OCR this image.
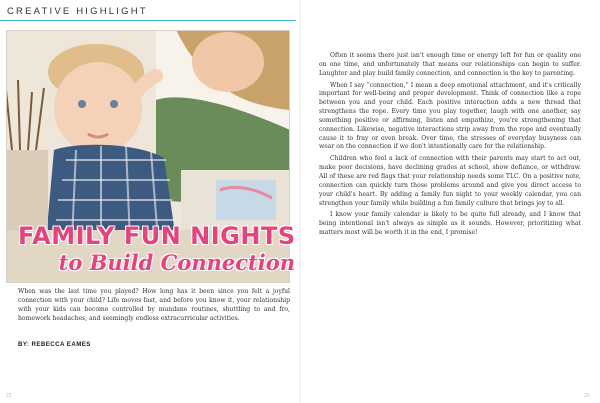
CREATIVE HIGHLIGHT
FAMILY FUN NIGHTS
to Build Connection

When was the last time you played? How long has it been since you felt a joyful connection with your child? Life moves fast, and before you know it, your relationship with your kids can become controlled by mundane routines, shuttling to and fro, homework headaches, and seemingly endless extracurricular activities.

BY: REBECCA EAMES
22

Often it seems there just isn't enough time or energy left for fun or quality one on one time, and unfortunately that means our relationships can begin to suffer. Laughter and play build family connection, and connection is the key to parenting.

When I say “connection,” I mean a deep emotional attachment, and it's critically important for well-being and proper development. Think of connection like a rope between you and your child. Each positive interaction adds a new thread that strengthens the rope. Every time you play together, laugh with one another, say something positive or affirming, listen and empathize, you're strengthening that connection. Likewise, negative interactions strip away from the rope and eventually cause it to fray or even break. Over time, the stresses of everyday busyness can wear on the connection if we don't intentionally care for the relationship.

Children who feel a lack of connection with their parents may start to act out, make poor decisions, have declining grades at school, show defiance, or withdraw. All of these are red flags that your relationship needs some TLC. On a positive note, connection can quickly turn those problems around and give you direct access to your child's heart. By adding a family fun night to your weekly calendar, you can strengthen your family while building a fun family culture that brings joy to all.

I know your family calendar is likely to be quite full already, and I know that being intentional isn't always as simple as it sounds. However, prioritizing what matters most will be worth it in the end, I promise!

23
